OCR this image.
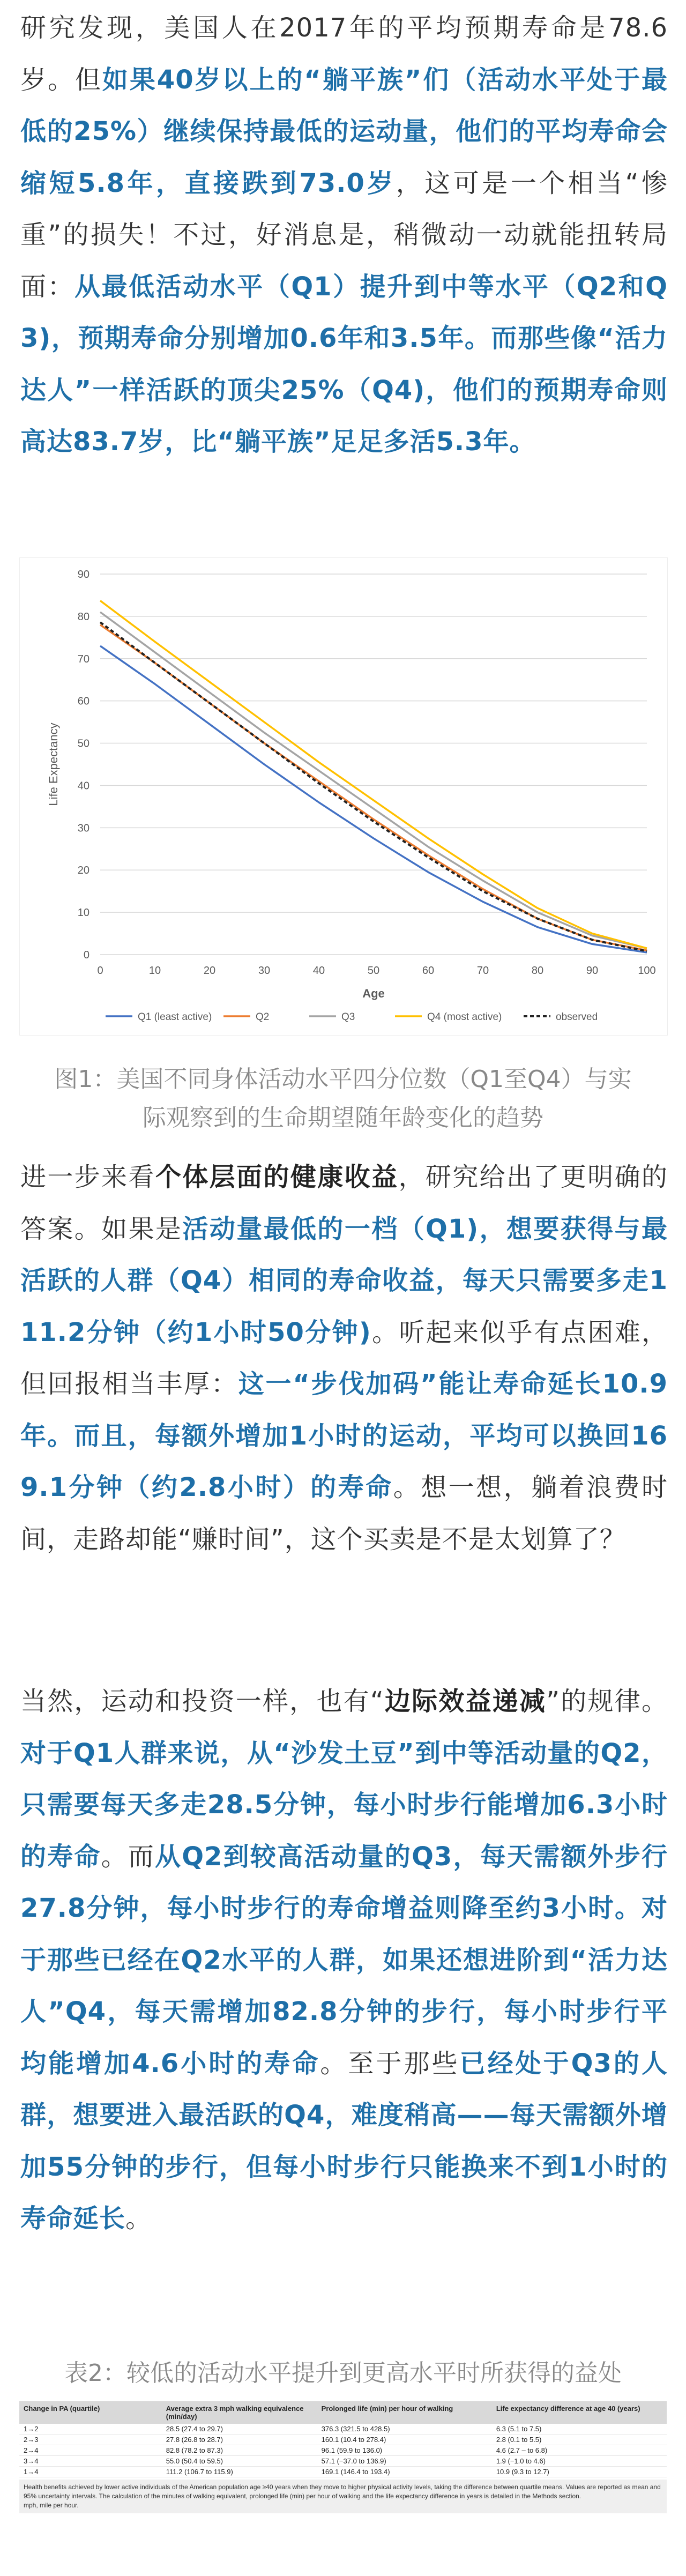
研究发现，美国人在2017年的平均预期寿命是78.6岁。但如果40岁以上的“躺平族”们（活动水平处于最低的25%）继续保持最低的运动量，他们的平均寿命会缩短5.8年，直接跌到73.0岁，这可是一个相当“惨重”的损失！不过，好消息是，稍微动一动就能扭转局面：从最低活动水平（Q1）提升到中等水平（Q2和Q3)，预期寿命分别增加0.6年和3.5年。而那些像“活力达人”一样活跃的顶尖25%（Q4)，他们的预期寿命则高达83.7岁，比“躺平族”足足多活5.3年。

0
10
20
30
40
50
60
70
80
90
0	10	20	30	40	50	60	70	80	90	100
Age
Life Expectancy
Q1 (least active)	Q2	Q3	Q4 (most active)	observed

图1：美国不同身体活动水平四分位数（Q1至Q4）与实际观察到的生命期望随年龄变化的趋势

进一步来看个体层面的健康收益，研究给出了更明确的答案。如果是活动量最低的一档（Q1)，想要获得与最活跃的人群（Q4）相同的寿命收益，每天只需要多走111.2分钟（约1小时50分钟)。听起来似乎有点困难，但回报相当丰厚：这一“步伐加码”能让寿命延长10.9年。而且，每额外增加1小时的运动，平均可以换回169.1分钟（约2.8小时）的寿命。想一想，躺着浪费时间，走路却能“赚时间”，这个买卖是不是太划算了？

当然，运动和投资一样，也有“边际效益递减”的规律。对于Q1人群来说，从“沙发土豆”到中等活动量的Q2，只需要每天多走28.5分钟，每小时步行能增加6.3小时的寿命。而从Q2到较高活动量的Q3，每天需额外步行27.8分钟，每小时步行的寿命增益则降至约3小时。对于那些已经在Q2水平的人群，如果还想进阶到“活力达人”Q4，每天需增加82.8分钟的步行，每小时步行平均能增加4.6小时的寿命。至于那些已经处于Q3的人群，想要进入最活跃的Q4，难度稍高——每天需额外增加55分钟的步行，但每小时步行只能换来不到1小时的寿命延长。

表2：较低的活动水平提升到更高水平时所获得的益处

Change in PA (quartile)	Average extra 3 mph walking equivalence (min/day)	Prolonged life (min) per hour of walking	Life expectancy difference at age 40 (years)
1→2	28.5 (27.4 to 29.7)	376.3 (321.5 to 428.5)	6.3 (5.1 to 7.5)
2→3	27.8 (26.8 to 28.7)	160.1 (10.4 to 278.4)	2.8 (0.1 to 5.5)
2→4	82.8 (78.2 to 87.3)	96.1 (59.9 to 136.0)	4.6 (2.7 – to 6.8)
3→4	55.0 (50.4 to 59.5)	57.1 (−37.0 to 136.9)	1.9 (−1.0 to 4.6)
1→4	111.2 (106.7 to 115.9)	169.1 (146.4 to 193.4)	10.9 (9.3 to 12.7)
Health benefits achieved by lower active individuals of the American population age ≥40 years when they move to higher physical activity levels, taking the difference between quartile means. Values are reported as mean and 95% uncertainty intervals. The calculation of the minutes of walking equivalent, prolonged life (min) per hour of walking and the life expectancy difference in years is detailed in the Methods section.
mph, mile per hour.
